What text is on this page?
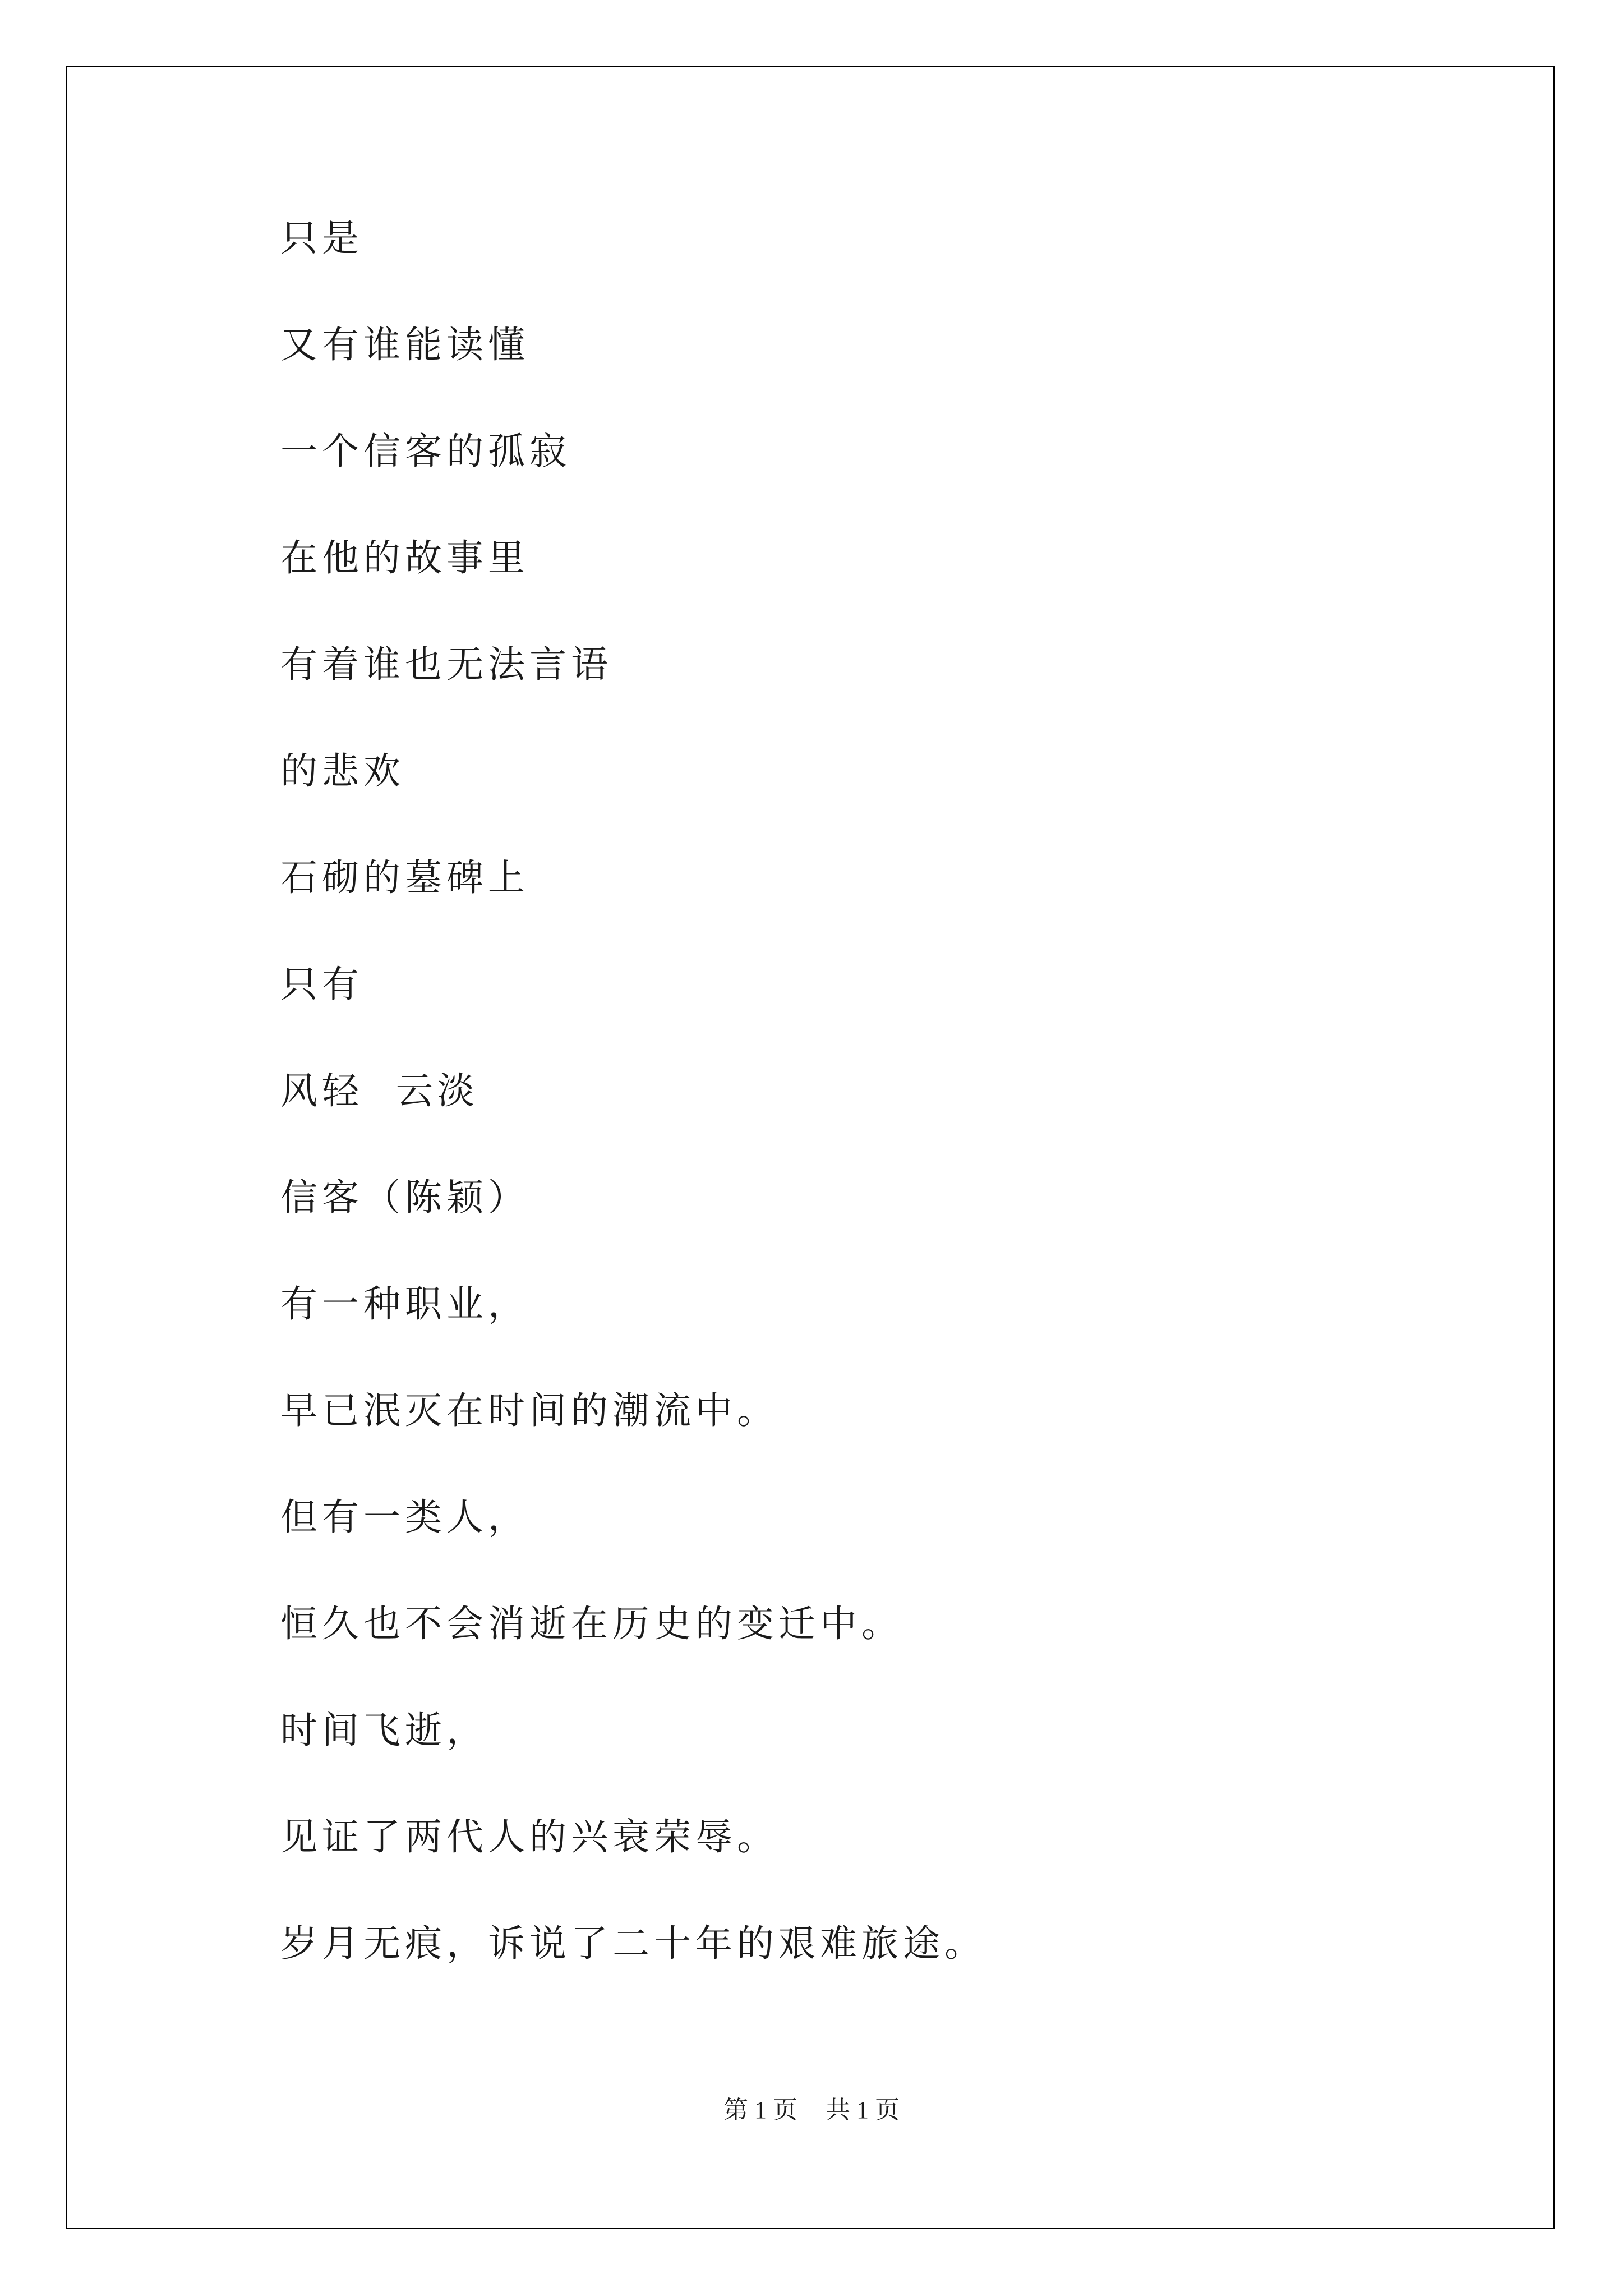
只是
又有谁能读懂
一个信客的孤寂
在他的故事里
有着谁也无法言语
的悲欢
石砌的墓碑上
只有
风轻  云淡
信客（陈颖）
有一种职业，
早已泯灭在时间的潮流中。
但有一类人，
恒久也不会消逝在历史的变迁中。
时间飞逝，
见证了两代人的兴衰荣辱。
岁月无痕，诉说了二十年的艰难旅途。
第 1 页 共 1 页
